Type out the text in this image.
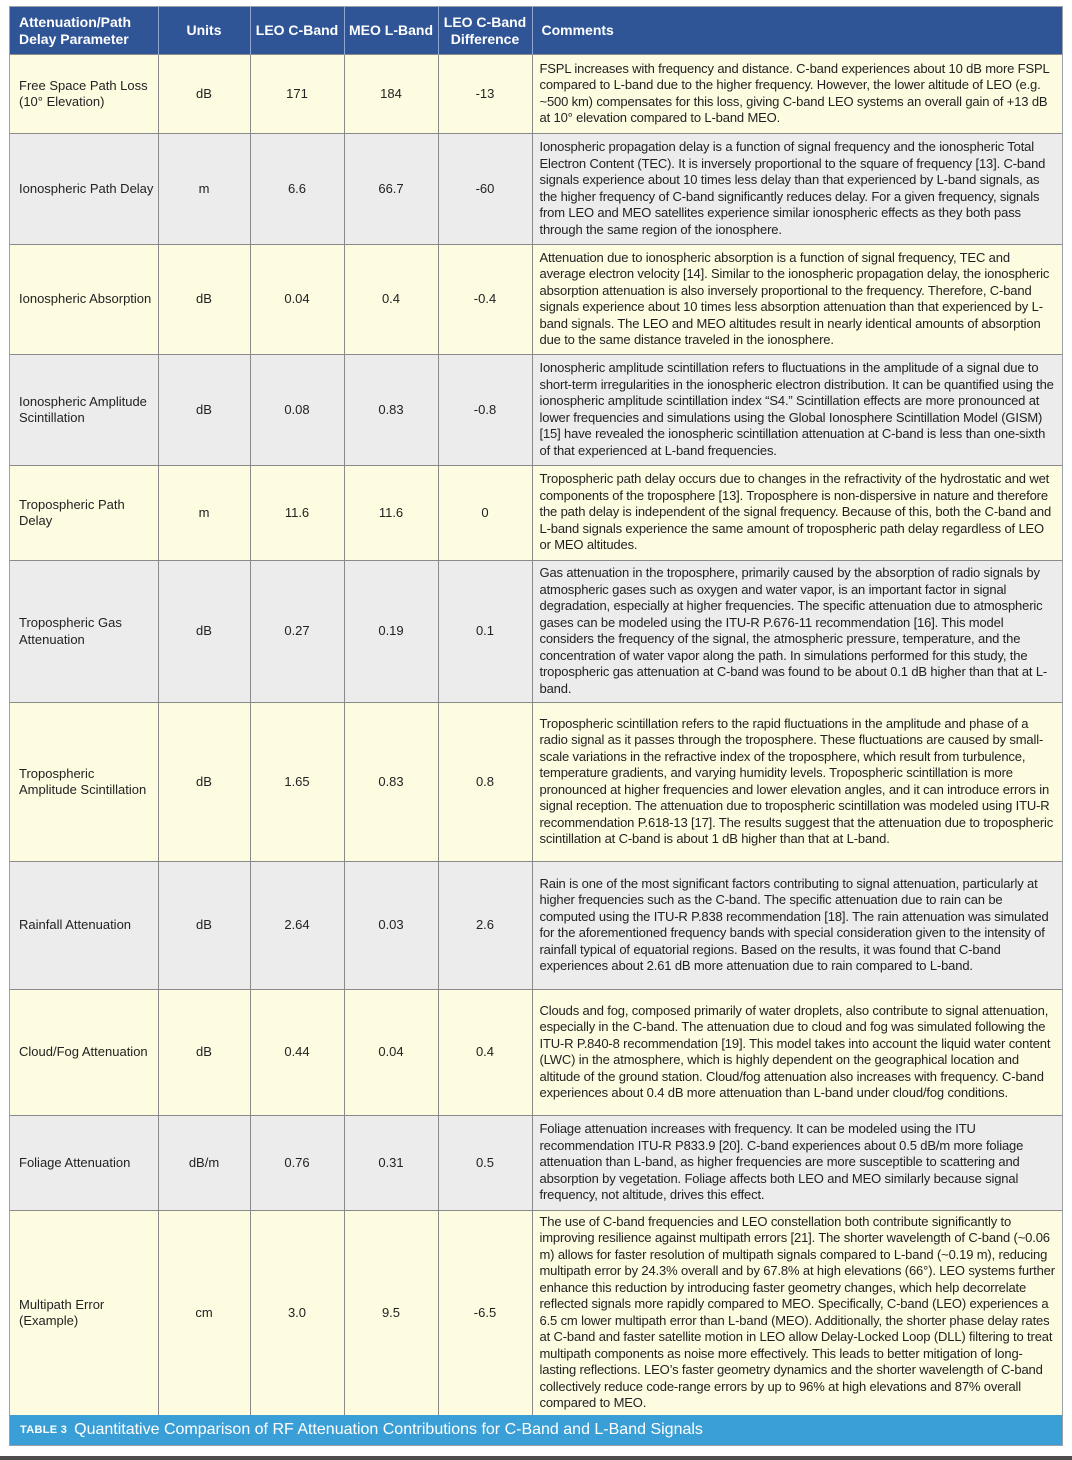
Attenuation/Path Delay Parameter	Units	LEO C-Band	MEO L-Band	LEO C-Band Difference	Comments
Free Space Path Loss (10° Elevation)	dB	171	184	-13	FSPL increases with frequency and distance. C-band experiences about 10 dB more FSPL compared to L-band due to the higher frequency. However, the lower altitude of LEO (e.g. ~500 km) compensates for this loss, giving C-band LEO systems an overall gain of +13 dB at 10° elevation compared to L-band MEO.
Ionospheric Path Delay	m	6.6	66.7	-60	Ionospheric propagation delay is a function of signal frequency and the ionospheric Total Electron Content (TEC). It is inversely proportional to the square of frequency [13]. C-band signals experience about 10 times less delay than that experienced by L-band signals, as the higher frequency of C-band significantly reduces delay. For a given frequency, signals from LEO and MEO satellites experience similar ionospheric effects as they both pass through the same region of the ionosphere.
Ionospheric Absorption	dB	0.04	0.4	-0.4	Attenuation due to ionospheric absorption is a function of signal frequency, TEC and average electron velocity [14]. Similar to the ionospheric propagation delay, the ionospheric absorption attenuation is also inversely proportional to the frequency. Therefore, C-band signals experience about 10 times less absorption attenuation than that experienced by L-band signals. The LEO and MEO altitudes result in nearly identical amounts of absorption due to the same distance traveled in the ionosphere.
Ionospheric Amplitude Scintillation	dB	0.08	0.83	-0.8	Ionospheric amplitude scintillation refers to fluctuations in the amplitude of a signal due to short-term irregularities in the ionospheric electron distribution. It can be quantified using the ionospheric amplitude scintillation index “S4.” Scintillation effects are more pronounced at lower frequencies and simulations using the Global Ionosphere Scintillation Model (GISM) [15] have revealed the ionospheric scintillation attenuation at C-band is less than one-sixth of that experienced at L-band frequencies.
Tropospheric Path Delay	m	11.6	11.6	0	Tropospheric path delay occurs due to changes in the refractivity of the hydrostatic and wet components of the troposphere [13]. Troposphere is non-dispersive in nature and therefore the path delay is independent of the signal frequency. Because of this, both the C-band and L-band signals experience the same amount of tropospheric path delay regardless of LEO or MEO altitudes.
Tropospheric Gas Attenuation	dB	0.27	0.19	0.1	Gas attenuation in the troposphere, primarily caused by the absorption of radio signals by atmospheric gases such as oxygen and water vapor, is an important factor in signal degradation, especially at higher frequencies. The specific attenuation due to atmospheric gases can be modeled using the ITU-R P.676-11 recommendation [16]. This model considers the frequency of the signal, the atmospheric pressure, temperature, and the concentration of water vapor along the path. In simulations performed for this study, the tropospheric gas attenuation at C-band was found to be about 0.1 dB higher than that at L-band.
Tropospheric Amplitude Scintillation	dB	1.65	0.83	0.8	Tropospheric scintillation refers to the rapid fluctuations in the amplitude and phase of a radio signal as it passes through the troposphere. These fluctuations are caused by small-scale variations in the refractive index of the troposphere, which result from turbulence, temperature gradients, and varying humidity levels. Tropospheric scintillation is more pronounced at higher frequencies and lower elevation angles, and it can introduce errors in signal reception. The attenuation due to tropospheric scintillation was modeled using ITU-R recommendation P.618-13 [17]. The results suggest that the attenuation due to tropospheric scintillation at C-band is about 1 dB higher than that at L-band.
Rainfall Attenuation	dB	2.64	0.03	2.6	Rain is one of the most significant factors contributing to signal attenuation, particularly at higher frequencies such as the C-band. The specific attenuation due to rain can be computed using the ITU-R P.838 recommendation [18]. The rain attenuation was simulated for the aforementioned frequency bands with special consideration given to the intensity of rainfall typical of equatorial regions. Based on the results, it was found that C-band experiences about 2.61 dB more attenuation due to rain compared to L-band.
Cloud/Fog Attenuation	dB	0.44	0.04	0.4	Clouds and fog, composed primarily of water droplets, also contribute to signal attenuation, especially in the C-band. The attenuation due to cloud and fog was simulated following the ITU-R P.840-8 recommendation [19]. This model takes into account the liquid water content (LWC) in the atmosphere, which is highly dependent on the geographical location and altitude of the ground station. Cloud/fog attenuation also increases with frequency. C-band experiences about 0.4 dB more attenuation than L-band under cloud/fog conditions.
Foliage Attenuation	dB/m	0.76	0.31	0.5	Foliage attenuation increases with frequency. It can be modeled using the ITU recommendation ITU-R P833.9 [20]. C-band experiences about 0.5 dB/m more foliage attenuation than L-band, as higher frequencies are more susceptible to scattering and absorption by vegetation. Foliage affects both LEO and MEO similarly because signal frequency, not altitude, drives this effect.
Multipath Error (Example)	cm	3.0	9.5	-6.5	The use of C-band frequencies and LEO constellation both contribute significantly to improving resilience against multipath errors [21]. The shorter wavelength of C-band (~0.06 m) allows for faster resolution of multipath signals compared to L-band (~0.19 m), reducing multipath error by 24.3% overall and by 67.8% at high elevations (66°). LEO systems further enhance this reduction by introducing faster geometry changes, which help decorrelate reflected signals more rapidly compared to MEO. Specifically, C-band (LEO) experiences a 6.5 cm lower multipath error than L-band (MEO). Additionally, the shorter phase delay rates at C-band and faster satellite motion in LEO allow Delay-Locked Loop (DLL) filtering to treat multipath components as noise more effectively. This leads to better mitigation of long-lasting reflections. LEO’s faster geometry dynamics and the shorter wavelength of C-band collectively reduce code-range errors by up to 96% at high elevations and 87% overall compared to MEO.
TABLE 3 Quantitative Comparison of RF Attenuation Contributions for C-Band and L-Band Signals
